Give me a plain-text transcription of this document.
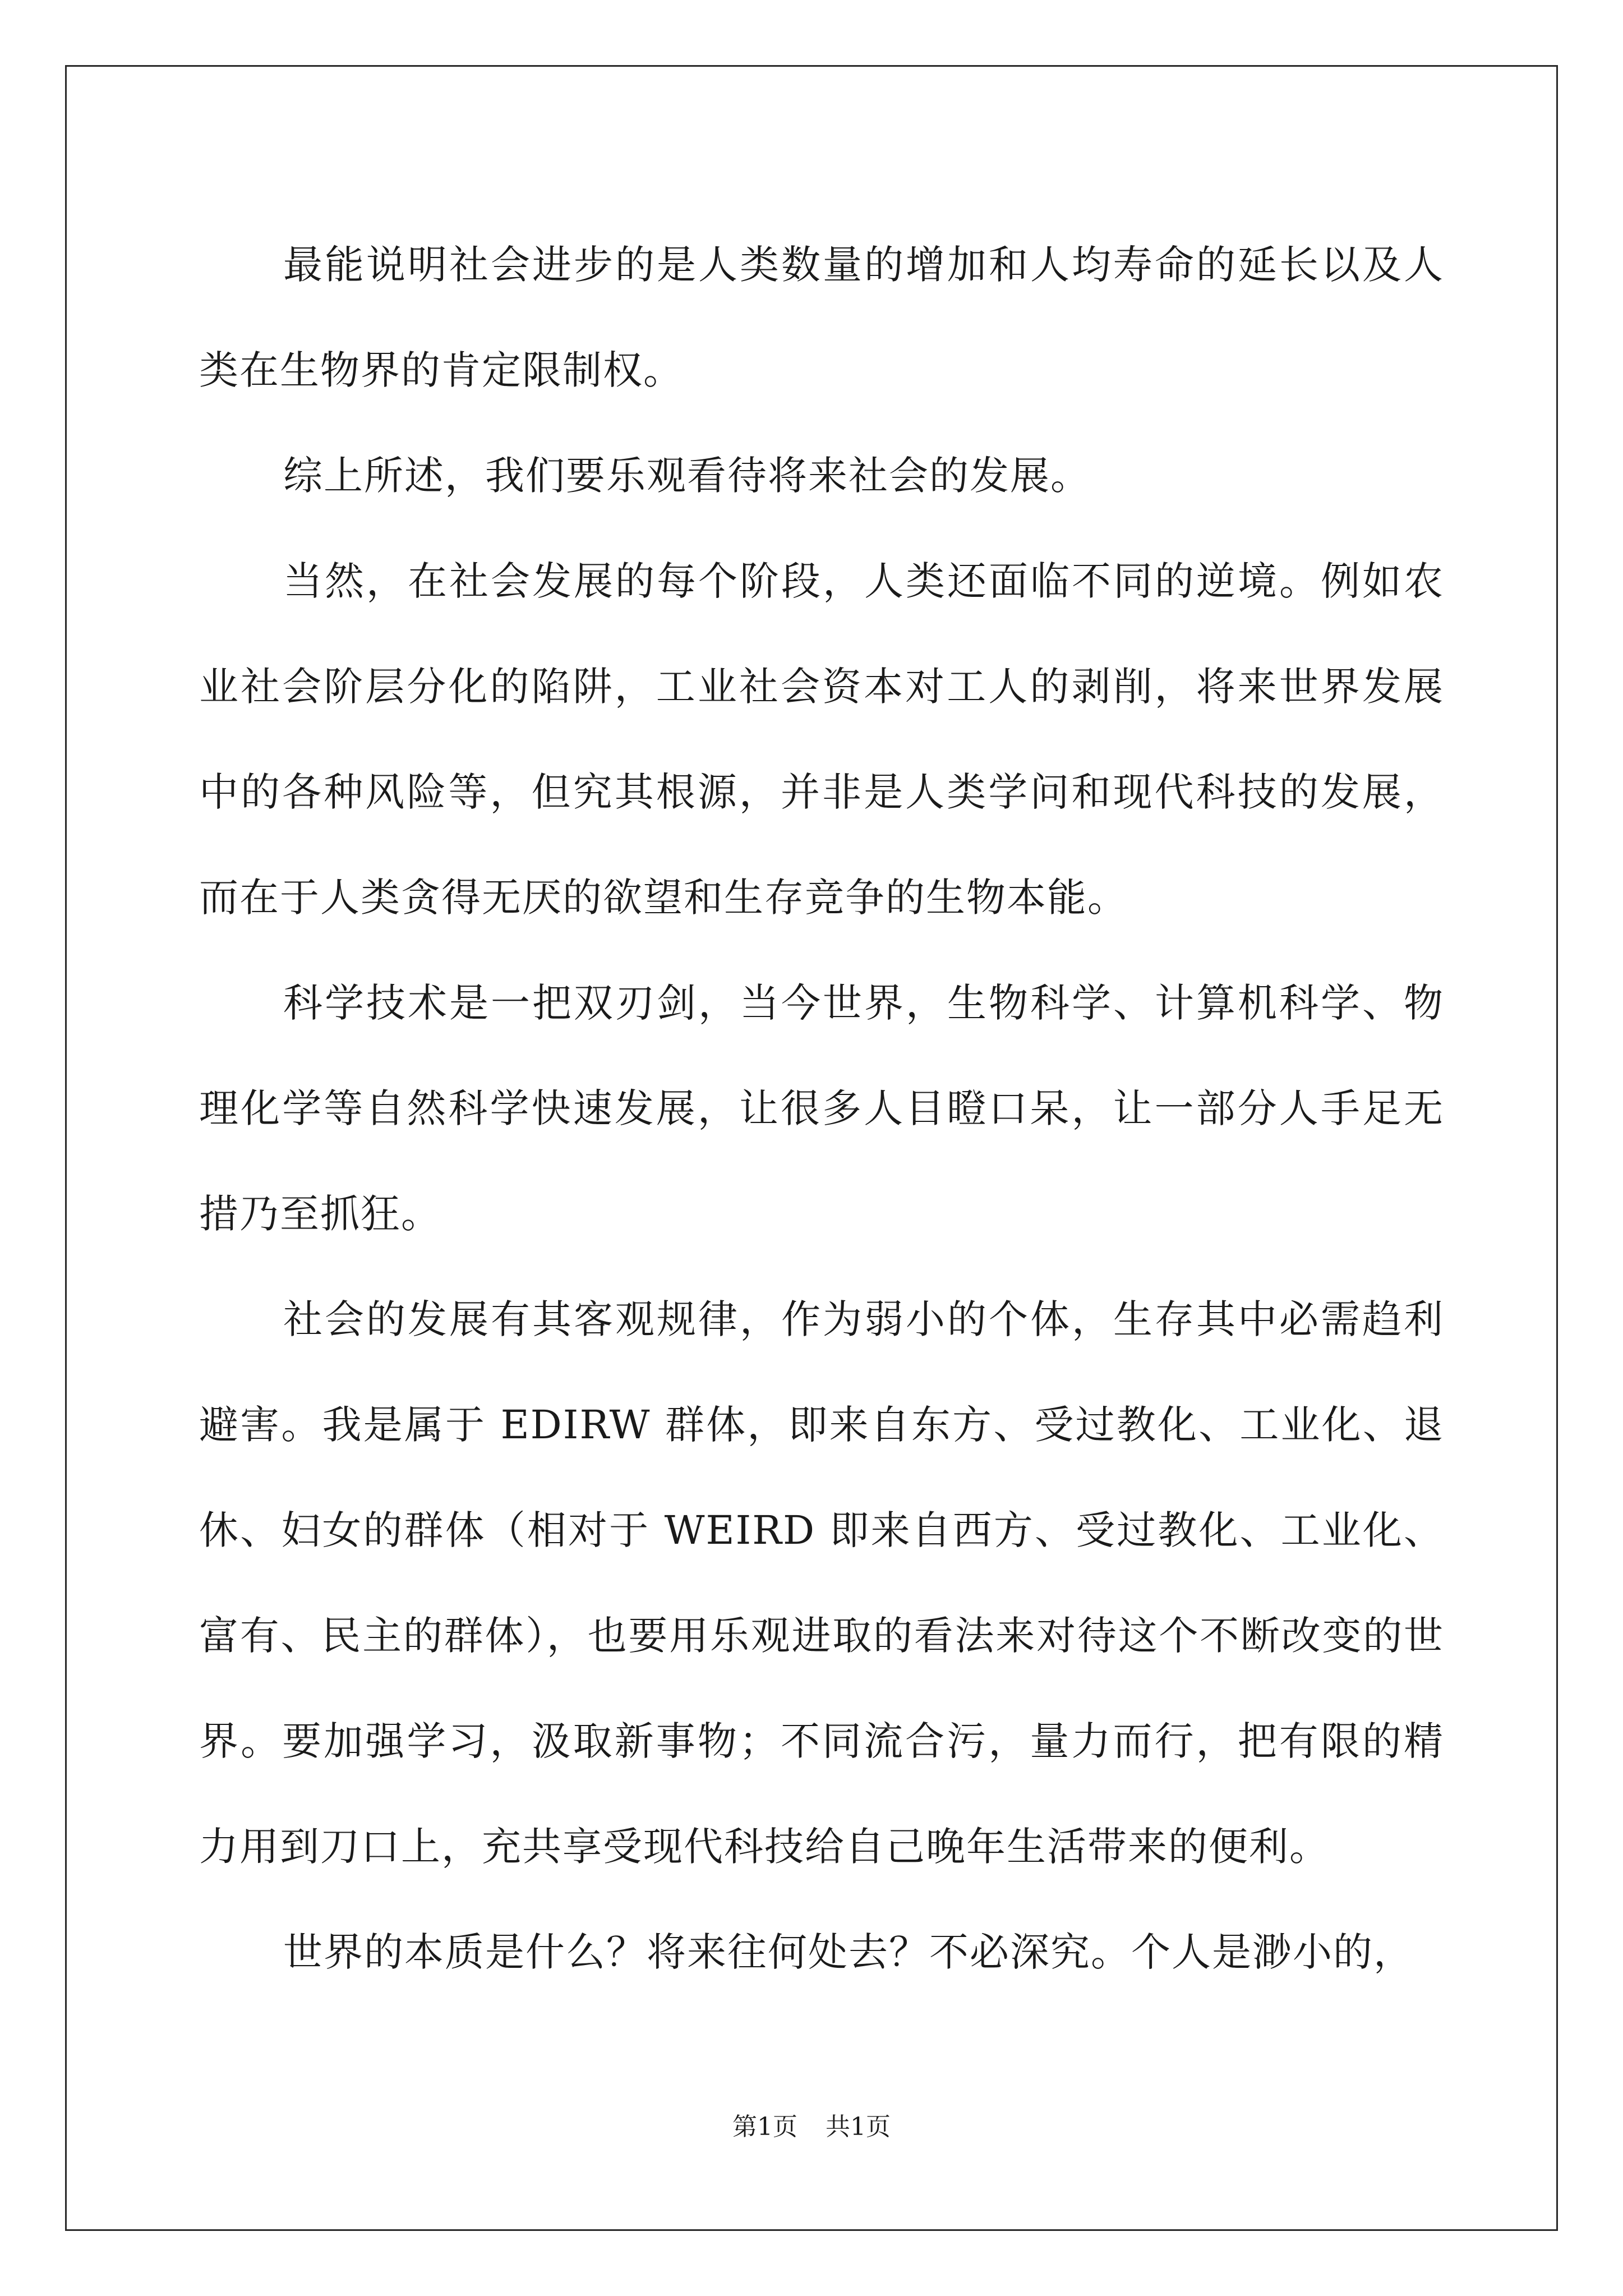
最能说明社会进步的是人类数量的增加和人均寿命的延长以及人类在生物界的肯定限制权。

综上所述，我们要乐观看待将来社会的发展。

当然，在社会发展的每个阶段，人类还面临不同的逆境。例如农业社会阶层分化的陷阱，工业社会资本对工人的剥削，将来世界发展中的各种风险等，但究其根源，并非是人类学问和现代科技的发展，而在于人类贪得无厌的欲望和生存竞争的生物本能。

科学技术是一把双刃剑，当今世界，生物科学、计算机科学、物理化学等自然科学快速发展，让很多人目瞪口呆，让一部分人手足无措乃至抓狂。

社会的发展有其客观规律，作为弱小的个体，生存其中必需趋利避害。我是属于 EDIRW 群体，即来自东方、受过教化、工业化、退休、妇女的群体（相对于 WEIRD 即来自西方、受过教化、工业化、富有、民主的群体），也要用乐观进取的看法来对待这个不断改变的世界。要加强学习，汲取新事物；不同流合污，量力而行，把有限的精力用到刀口上，充共享受现代科技给自己晚年生活带来的便利。

世界的本质是什么？将来往何处去？不必深究。个人是渺小的，

第1页 共1页
